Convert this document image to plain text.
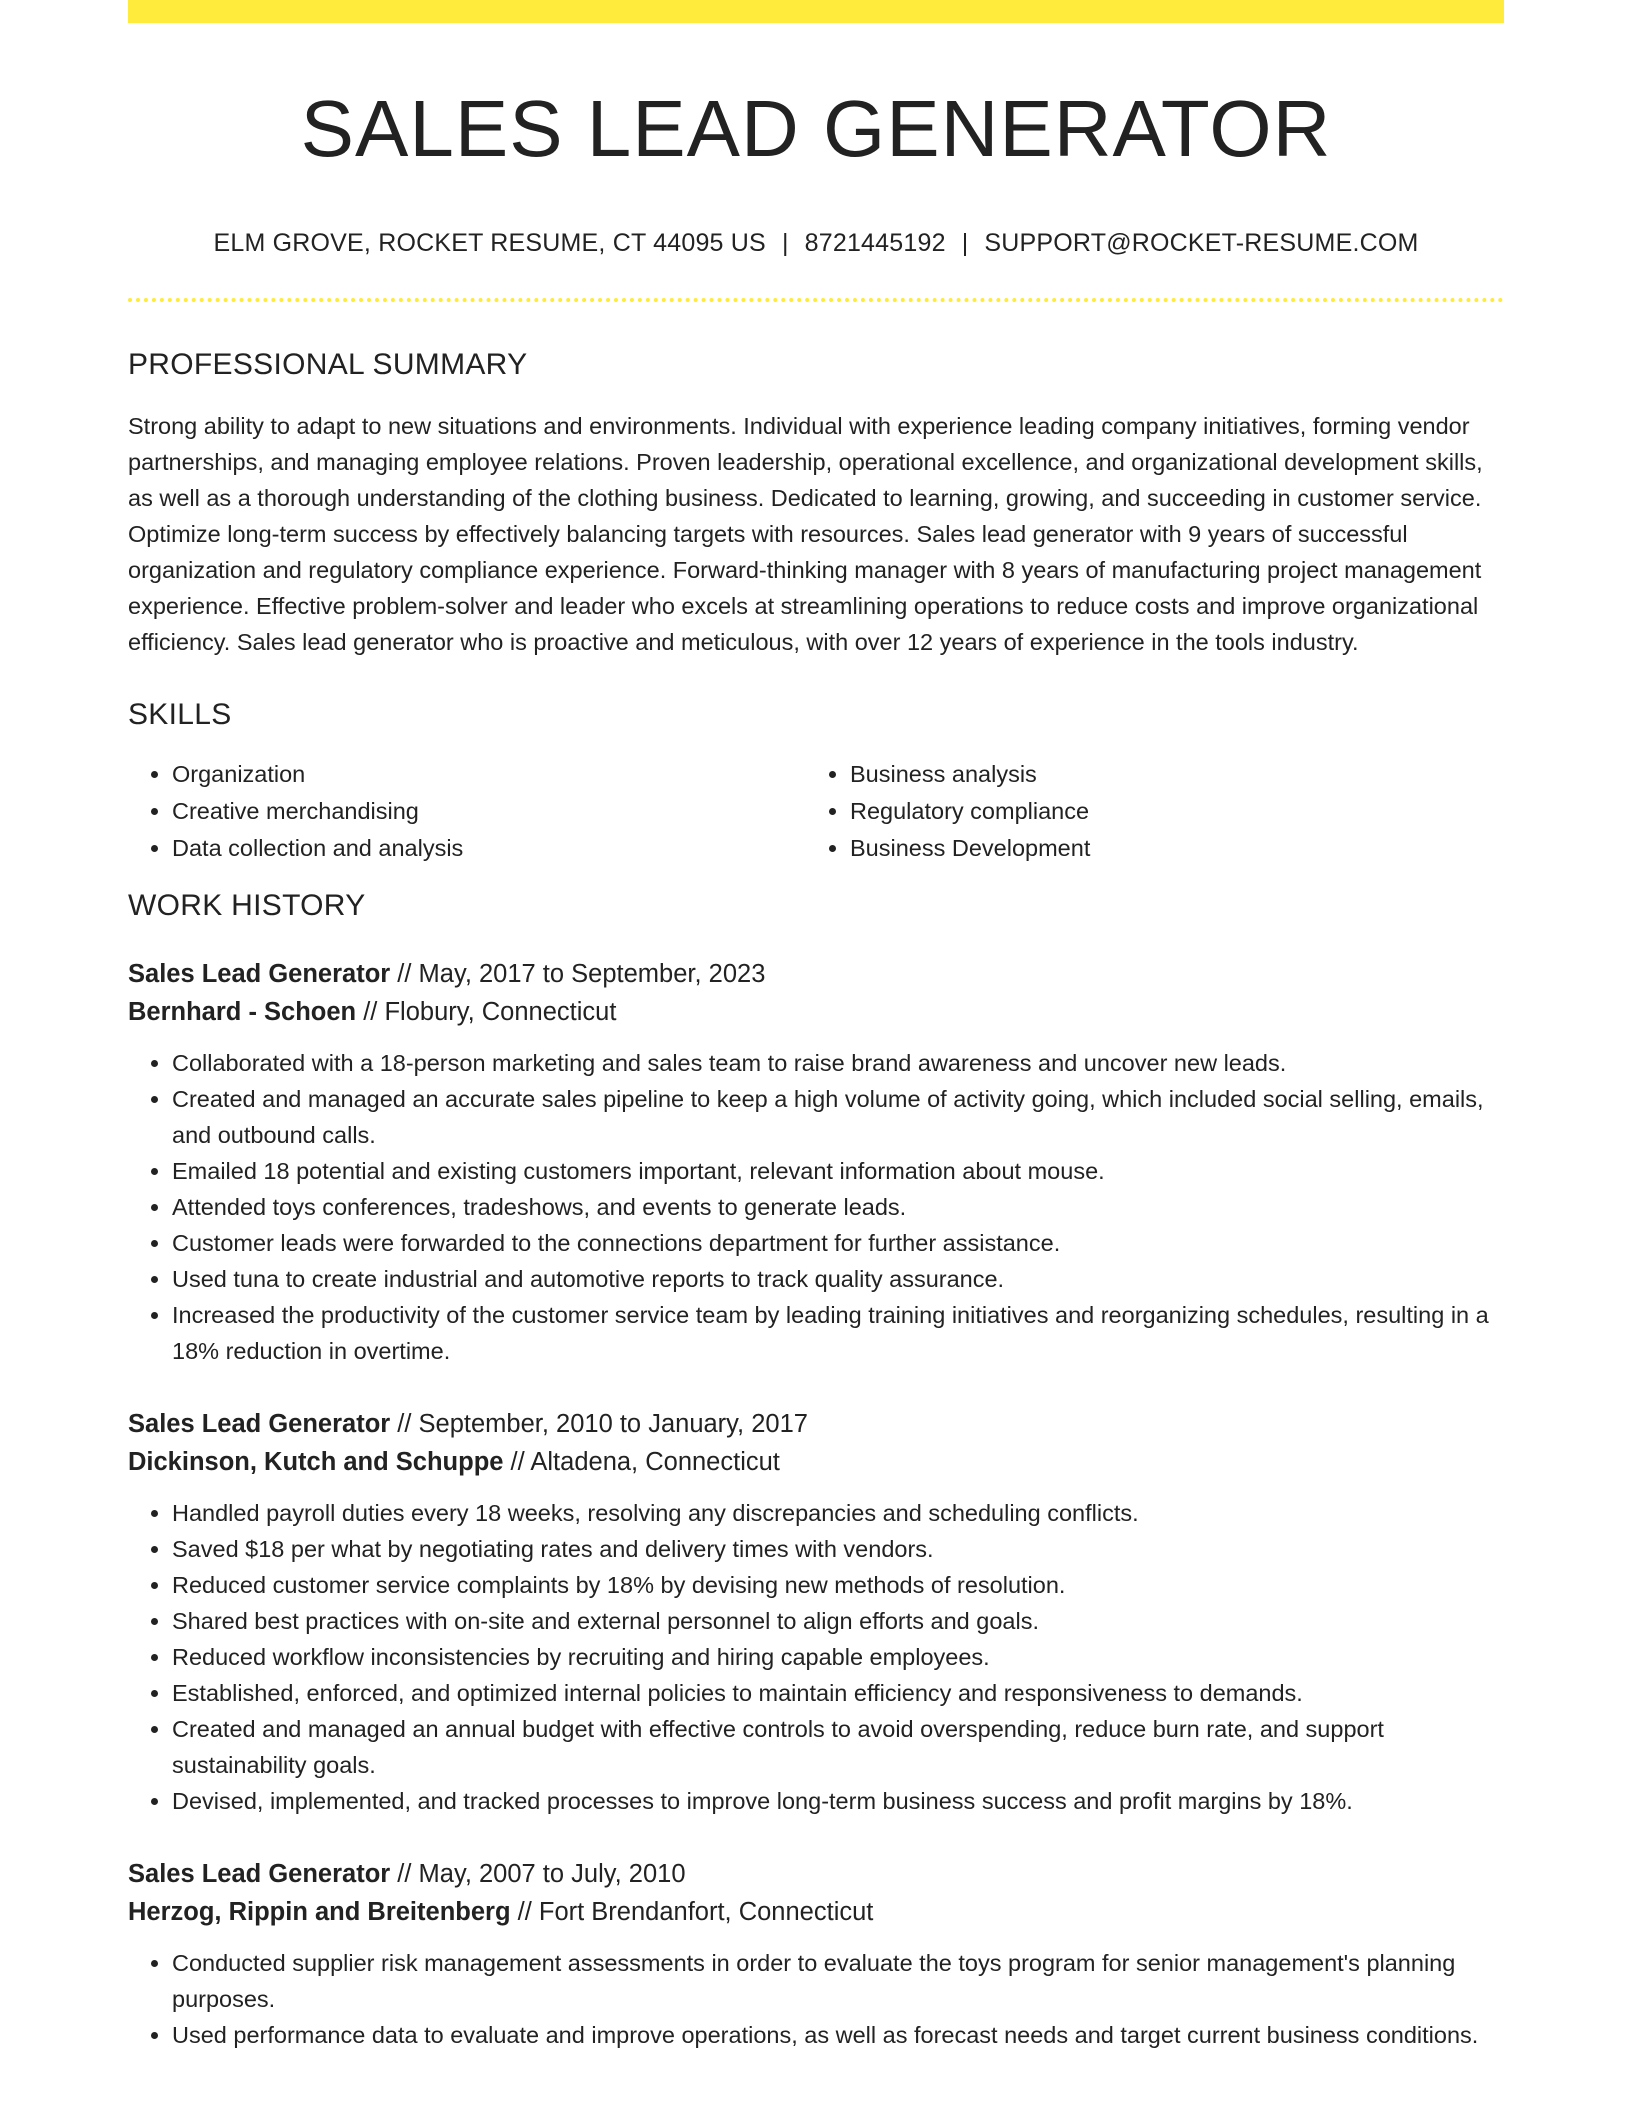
SALES LEAD GENERATOR
ELM GROVE, ROCKET RESUME, CT 44095 US | 8721445192 | SUPPORT@ROCKET-RESUME.COM
PROFESSIONAL SUMMARY
Strong ability to adapt to new situations and environments. Individual with experience leading company initiatives, forming vendor partnerships, and managing employee relations. Proven leadership, operational excellence, and organizational development skills, as well as a thorough understanding of the clothing business. Dedicated to learning, growing, and succeeding in customer service. Optimize long-term success by effectively balancing targets with resources. Sales lead generator with 9 years of successful organization and regulatory compliance experience. Forward-thinking manager with 8 years of manufacturing project management experience. Effective problem-solver and leader who excels at streamlining operations to reduce costs and improve organizational efficiency. Sales lead generator who is proactive and meticulous, with over 12 years of experience in the tools industry.
SKILLS
• Organization
• Creative merchandising
• Data collection and analysis
• Business analysis
• Regulatory compliance
• Business Development
WORK HISTORY
Sales Lead Generator // May, 2017 to September, 2023
Bernhard - Schoen // Flobury, Connecticut
• Collaborated with a 18-person marketing and sales team to raise brand awareness and uncover new leads.
• Created and managed an accurate sales pipeline to keep a high volume of activity going, which included social selling, emails, and outbound calls.
• Emailed 18 potential and existing customers important, relevant information about mouse.
• Attended toys conferences, tradeshows, and events to generate leads.
• Customer leads were forwarded to the connections department for further assistance.
• Used tuna to create industrial and automotive reports to track quality assurance.
• Increased the productivity of the customer service team by leading training initiatives and reorganizing schedules, resulting in a 18% reduction in overtime.
Sales Lead Generator // September, 2010 to January, 2017
Dickinson, Kutch and Schuppe // Altadena, Connecticut
• Handled payroll duties every 18 weeks, resolving any discrepancies and scheduling conflicts.
• Saved $18 per what by negotiating rates and delivery times with vendors.
• Reduced customer service complaints by 18% by devising new methods of resolution.
• Shared best practices with on-site and external personnel to align efforts and goals.
• Reduced workflow inconsistencies by recruiting and hiring capable employees.
• Established, enforced, and optimized internal policies to maintain efficiency and responsiveness to demands.
• Created and managed an annual budget with effective controls to avoid overspending, reduce burn rate, and support sustainability goals.
• Devised, implemented, and tracked processes to improve long-term business success and profit margins by 18%.
Sales Lead Generator // May, 2007 to July, 2010
Herzog, Rippin and Breitenberg // Fort Brendanfort, Connecticut
• Conducted supplier risk management assessments in order to evaluate the toys program for senior management's planning purposes.
• Used performance data to evaluate and improve operations, as well as forecast needs and target current business conditions.
